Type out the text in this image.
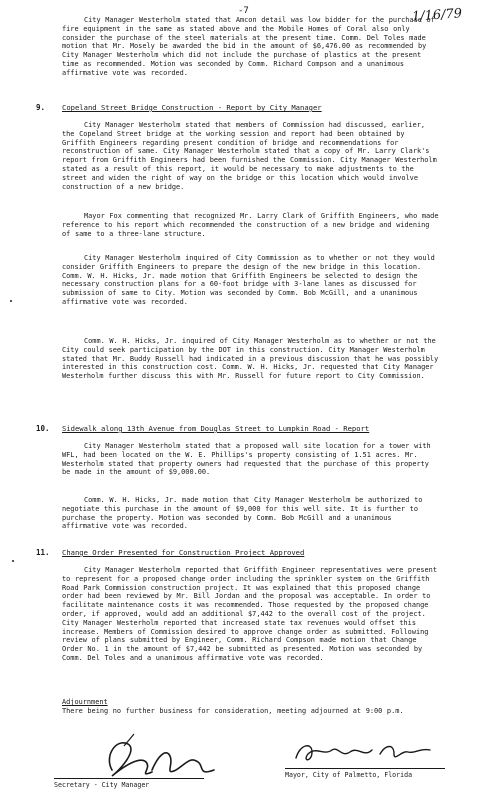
-7	1/16/79
City Manager Westerholm stated that Amcon detail was low bidder for the purchase of fire equipment in the same as stated above and the Mobile Homes of Coral also only consider the purchase of the steel materials at the present time. Comm. Del Toles made motion that Mr. Mosely be awarded the bid in the amount of $6,476.00 as recommended by City Manager Westerholm which did not include the purchase of plastics at the present time as recommended. Motion was seconded by Comm. Richard Compson and a unanimous affirmative vote was recorded.
9. Copeland Street Bridge Construction - Report by City Manager
City Manager Westerholm stated that members of Commission had discussed, earlier, the Copeland Street bridge at the working session and report had been obtained by Griffith Engineers regarding present condition of bridge and recommendations for reconstruction of same. City Manager Westerholm stated that a copy of Mr. Larry Clark's report from Griffith Engineers had been furnished the Commission. City Manager Westerholm stated as a result of this report, it would be necessary to make adjustments to the street and widen the right of way on the bridge or this location which would involve construction of a new bridge.
Mayor Fox commenting that recognized Mr. Larry Clark of Griffith Engineers, who made reference to his report which recommended the construction of a new bridge and widening of same to a three-lane structure.
City Manager Westerholm inquired of City Commission as to whether or not they would consider Griffith Engineers to prepare the design of the new bridge in this location. Comm. W. H. Hicks, Jr. made motion that Griffith Engineers be selected to design the necessary construction plans for a 60-foot bridge with 3-lane lanes as discussed for submission of same to City. Motion was seconded by Comm. Bob McGill, and a unanimous affirmative vote was recorded.
Comm. W. H. Hicks, Jr. inquired of City Manager Westerholm as to whether or not the City could seek participation by the DOT in this construction. City Manager Westerholm stated that Mr. Buddy Russell had indicated in a previous discussion that he was possibly interested in this construction cost. Comm. W. H. Hicks, Jr. requested that City Manager Westerholm further discuss this with Mr. Russell for future report to City Commission.
10. Sidewalk along 13th Avenue from Douglas Street to Lumpkin Road - Report
City Manager Westerholm stated that a proposed wall site location for a tower with WFL, had been located on the W. E. Phillips's property consisting of 1.51 acres. Mr. Westerholm stated that property owners had requested that the purchase of this property be made in the amount of $9,000.00.
Comm. W. H. Hicks, Jr. made motion that City Manager Westerholm be authorized to negotiate this purchase in the amount of $9,000 for this well site. It is further to purchase the property. Motion was seconded by Comm. Bob McGill and a unanimous affirmative vote was recorded.
11. Change Order Presented for Construction Project Approved
City Manager Westerholm reported that Griffith Engineer representatives were present to represent for a proposed change order including the sprinkler system on the Griffith Road Park Commission construction project. It was explained that this proposed change order had been reviewed by Mr. Bill Jordan and the proposal was acceptable. In order to facilitate maintenance costs it was recommended. Those requested by the proposed change order, if approved, would add an additional $7,442 to the overall cost of the project. City Manager Westerholm reported that increased state tax revenues would offset this increase. Members of Commission desired to approve change order as submitted. Following review of plans submitted by Engineer, Comm. Richard Compson made motion that Change Order No. 1 in the amount of $7,442 be submitted as presented. Motion was seconded by Comm. Del Toles and a unanimous affirmative vote was recorded.
Adjournment
There being no further business for consideration, meeting adjourned at 9:00 p.m.
Secretary - City Manager
Mayor, City of Palmetto, Florida
